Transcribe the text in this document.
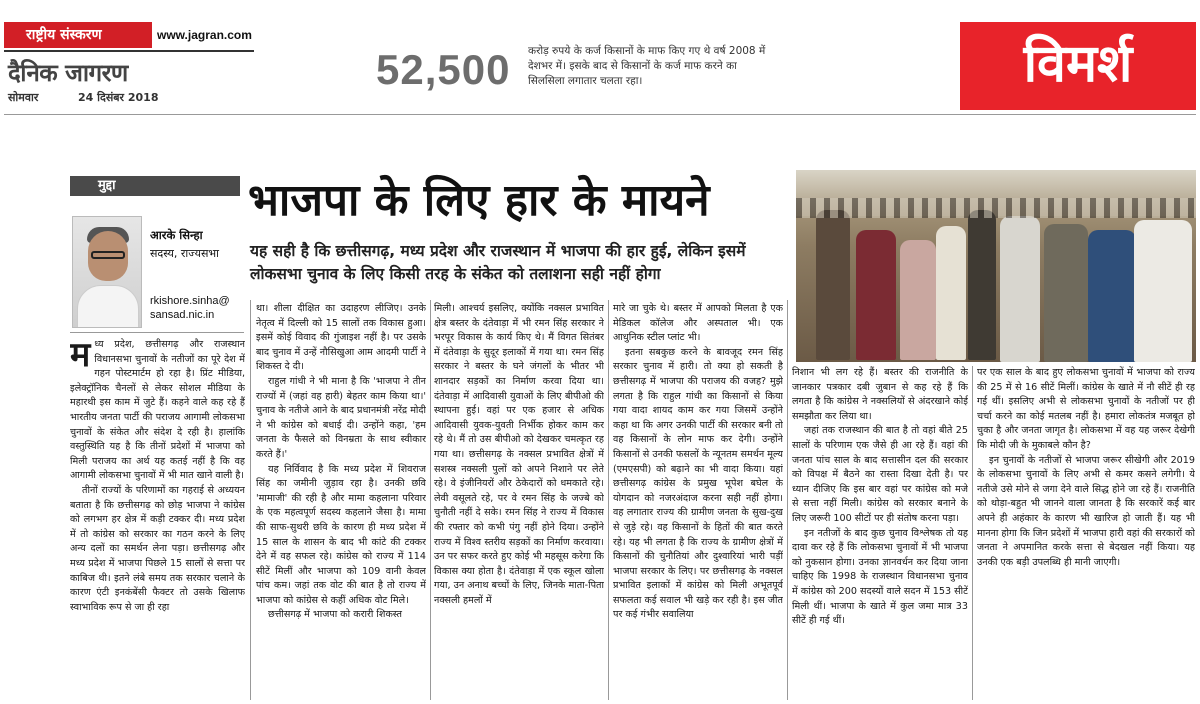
राष्ट्रीय संस्करण	www.jagran.com
दैनिक जागरण
सोमवार	24 दिसंबर 2018
52,500 करोड़ रुपये के कर्ज किसानों के माफ किए गए थे वर्ष 2008 में देशभर में। इसके बाद से किसानों के कर्ज माफ करने का सिलसिला लगातार चलता रहा।	विमर्श
मुद्दा	भाजपा के लिए हार के मायने
यह सही है कि छत्तीसगढ़, मध्य प्रदेश और राजस्थान में भाजपा की हार हुई, लेकिन इसमें लोकसभा चुनाव के लिए किसी तरह के संकेत को तलाशना सही नहीं होगा
आरके सिन्हा
सदस्य, राज्यसभा
rkishore.sinha@
sansad.nic.in

मध्य प्रदेश, छत्तीसगढ़ और राजस्थान विधानसभा चुनावों के नतीजों का पूरे देश में गहन पोस्टमार्टम हो रहा है। प्रिंट मीडिया, इलेक्ट्रॉनिक चैनलों से लेकर सोशल मीडिया के महारथी इस काम में जुटे हैं। कहने वाले कह रहे हैं भारतीय जनता पार्टी की पराजय आगामी लोकसभा चुनावों के संकेत और संदेश दे रही है। हालांकि वस्तुस्थिति यह है कि तीनों प्रदेशों में भाजपा को मिली पराजय का अर्थ यह कतई नहीं है कि वह आगामी लोकसभा चुनावों में भी मात खाने वाली है।

तीनों राज्यों के परिणामों का गहराई से अध्ययन बताता है कि छत्तीसगढ़ को छोड़ भाजपा ने कांग्रेस को लगभग हर क्षेत्र में कड़ी टक्कर दी। मध्य प्रदेश में तो कांग्रेस को सरकार का गठन करने के लिए अन्य दलों का समर्थन लेना पड़ा। छत्तीसगढ़ और मध्य प्रदेश में भाजपा पिछले 15 सालों से सत्ता पर काबिज थी। इतने लंबे समय तक सरकार चलाने के कारण एंटी इनकंबेंसी फैक्टर तो उसके खिलाफ स्वाभाविक रूप से जा ही रहा

था। शीला दीक्षित का उदाहरण लीजिए। उनके नेतृत्व में दिल्ली को 15 सालों तक विकास हुआ। इसमें कोई विवाद की गुंजाइश नहीं है। पर उसके बाद चुनाव में उन्हें नौसिखुआ आम आदमी पार्टी ने शिकस्त दे दी।

राहुल गांधी ने भी माना है कि 'भाजपा ने तीन राज्यों में (जहां वह हारी) बेहतर काम किया था।' चुनाव के नतीजे आने के बाद प्रधानमंत्री नरेंद्र मोदी ने भी कांग्रेस को बधाई दी। उन्होंने कहा, 'हम जनता के फैसले को विनम्रता के साथ स्वीकार करते हैं।'

यह निर्विवाद है कि मध्य प्रदेश में शिवराज सिंह का जमीनी जुड़ाव रहा है। उनकी छवि 'मामाजी' की रही है और मामा कहलाना परिवार के एक महत्वपूर्ण सदस्य कहलाने जैसा है। मामा की साफ-सुथरी छवि के कारण ही मध्य प्रदेश में 15 साल के शासन के बाद भी कांटे की टक्कर देने में वह सफल रहे। कांग्रेस को राज्य में 114 सीटें मिलीं और भाजपा को 109 वानी केवल पांच कम। जहां तक वोट की बात है तो राज्य में भाजपा को कांग्रेस से कहीं अधिक वोट मिले।

छत्तीसगढ़ में भाजपा को करारी शिकस्त

मिली। आश्चर्य इसलिए, क्योंकि नक्सल प्रभावित क्षेत्र बस्तर के दंतेवाड़ा में भी रमन सिंह सरकार ने भरपूर विकास के कार्य किए थे। मैं विगत सितंबर में दंतेवाड़ा के सुदूर इलाकों में गया था। रमन सिंह सरकार ने बस्तर के घने जंगलों के भीतर भी शानदार सड़कों का निर्माण करवा दिया था। दंतेवाड़ा में आदिवासी युवाओं के लिए बीपीओ की स्थापना हुई। वहां पर एक हजार से अधिक आदिवासी युवक-युवती निर्भीक होकर काम कर रहे थे। मैं तो उस बीपीओ को देखकर चमत्कृत रह गया था। छत्तीसगढ़ के नक्सल प्रभावित क्षेत्रों में सशस्त्र नक्सली पुलों को अपने निशाने पर लेते रहे। वे इंजीनियरों और ठेकेदारों को धमकाते रहे। लेवी वसूलते रहे, पर वे रमन सिंह के जज्बे को चुनौती नहीं दे सके। रमन सिंह ने राज्य में विकास की रफ्तार को कभी पंगु नहीं होने दिया। उन्होंने राज्य में विश्व स्तरीय सड़कों का निर्माण करवाया। उन पर सफर करते हुए कोई भी महसूस करेगा कि विकास क्या होता है। दंतेवाड़ा में एक स्कूल खोला गया, उन अनाथ बच्चों के लिए, जिनके माता-पिता नक्सली हमलों में

मारे जा चुके थे। बस्तर में आपको मिलता है एक मेडिकल कॉलेज और अस्पताल भी। एक आधुनिक स्टील प्लांट भी।

इतना सबकुछ करने के बावजूद रमन सिंह सरकार चुनाव में हारी। तो क्या हो सकती है छत्तीसगढ़ में भाजपा की पराजय की वजह? मुझे लगता है कि राहुल गांधी का किसानों से किया गया वादा शायद काम कर गया जिसमें उन्होंने कहा था कि अगर उनकी पार्टी की सरकार बनी तो वह किसानों के लोन माफ कर देगी। उन्होंने किसानों से उनकी फसलों के न्यूनतम समर्थन मूल्य (एमएसपी) को बढ़ाने का भी वादा किया। यहां छत्तीसगढ़ कांग्रेस के प्रमुख भूपेश बघेल के योगदान को नजरअंदाज करना सही नहीं होगा। वह लगातार राज्य की ग्रामीण जनता के सुख-दुख से जुड़े रहे। वह किसानों के हितों की बात करते रहे। यह भी लगता है कि राज्य के ग्रामीण क्षेत्रों में किसानों की चुनौतियां और दुश्वारियां भारी पड़ीं भाजपा सरकार के लिए। पर छत्तीसगढ़ के नक्सल प्रभावित इलाकों में कांग्रेस को मिली अभूतपूर्व सफलता कई सवाल भी खड़े कर रही है। इस जीत पर कई गंभीर सवालिया

निशान भी लग रहे हैं। बस्तर की राजनीति के जानकार पत्रकार दबी जुबान से कह रहे हैं कि लगता है कि कांग्रेस ने नक्सलियों से अंदरखाने कोई समझौता कर लिया था।

जहां तक राजस्थान की बात है तो वहां बीते 25 सालों के परिणाम एक जैसे ही आ रहे हैं। वहां की जनता पांच साल के बाद सत्तासीन दल की सरकार को विपक्ष में बैठने का रास्ता दिखा देती है। पर ध्यान दीजिए कि इस बार वहां पर कांग्रेस को मजे से सत्ता नहीं मिली। कांग्रेस को सरकार बनाने के लिए जरूरी 100 सीटों पर ही संतोष करना पड़ा।

इन नतीजों के बाद कुछ चुनाव विश्लेषक तो यह दावा कर रहे हैं कि लोकसभा चुनावों में भी भाजपा को नुकसान होगा। उनका ज्ञानवर्धन कर दिया जाना चाहिए कि 1998 के राजस्थान विधानसभा चुनाव में कांग्रेस को 200 सदस्यों वाले सदन में 153 सीटें मिली थीं। भाजपा के खाते में कुल जमा मात्र 33 सीटें ही गई थीं।

पर एक साल के बाद हुए लोकसभा चुनावों में भाजपा को राज्य की 25 में से 16 सीटें मिलीं। कांग्रेस के खाते में नौ सीटें ही रह गई थीं। इसलिए अभी से लोकसभा चुनावों के नतीजों पर ही चर्चा करने का कोई मतलब नहीं है। हमारा लोकतंत्र मजबूत हो चुका है और जनता जागृत है। लोकसभा में वह यह जरूर देखेगी कि मोदी जी के मुकाबले कौन है?

इन चुनावों के नतीजों से भाजपा जरूर सीखेगी और 2019 के लोकसभा चुनावों के लिए अभी से कमर कसने लगेगी। ये नतीजे उसे मोने से जगा देने वाले सिद्ध होने जा रहे हैं। राजनीति को थोड़ा-बहुत भी जानने वाला जानता है कि सरकारें कई बार अपने ही अहंकार के कारण भी खारिज हो जाती हैं। यह भी मानना होगा कि जिन प्रदेशों में भाजपा हारी वहां की सरकारों को जनता ने अपमानित करके सत्ता से बेदखल नहीं किया। यह उनकी एक बड़ी उपलब्धि ही मानी जाएगी।
